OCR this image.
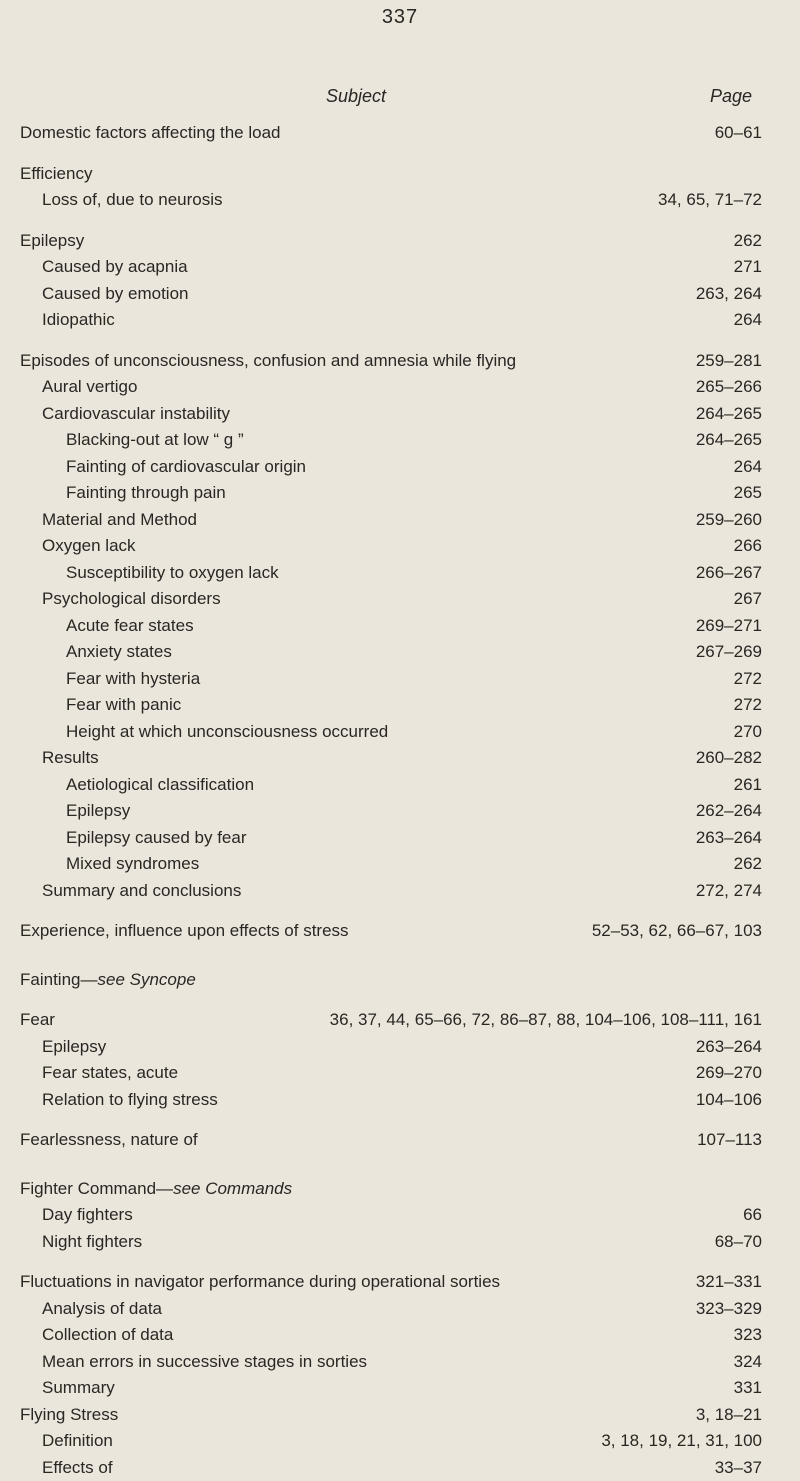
337
Subject	Page
Domestic factors affecting the load	60–61
Efficiency
Loss of, due to neurosis	34, 65, 71–72
Epilepsy	262
Caused by acapnia	271
Caused by emotion	263, 264
Idiopathic	264
Episodes of unconsciousness, confusion and amnesia while flying	259–281
Aural vertigo	265–266
Cardiovascular instability	264–265
Blacking-out at low “ g ”	264–265
Fainting of cardiovascular origin	264
Fainting through pain	265
Material and Method	259–260
Oxygen lack	266
Susceptibility to oxygen lack	266–267
Psychological disorders	267
Acute fear states	269–271
Anxiety states	267–269
Fear with hysteria	272
Fear with panic	272
Height at which unconsciousness occurred	270
Results	260–282
Aetiological classification	261
Epilepsy	262–264
Epilepsy caused by fear	263–264
Mixed syndromes	262
Summary and conclusions	272, 274
Experience, influence upon effects of stress	52–53, 62, 66–67, 103
Fainting—see Syncope
Fear	36, 37, 44, 65–66, 72, 86–87, 88, 104–106, 108–111, 161
Epilepsy	263–264
Fear states, acute	269–270
Relation to flying stress	104–106
Fearlessness, nature of	107–113
Fighter Command—see Commands
Day fighters	66
Night fighters	68–70
Fluctuations in navigator performance during operational sorties	321–331
Analysis of data	323–329
Collection of data	323
Mean errors in successive stages in sorties	324
Summary	331
Flying Stress	3, 18–21
Definition	3, 18, 19, 21, 31, 100
Effects of	33–37
